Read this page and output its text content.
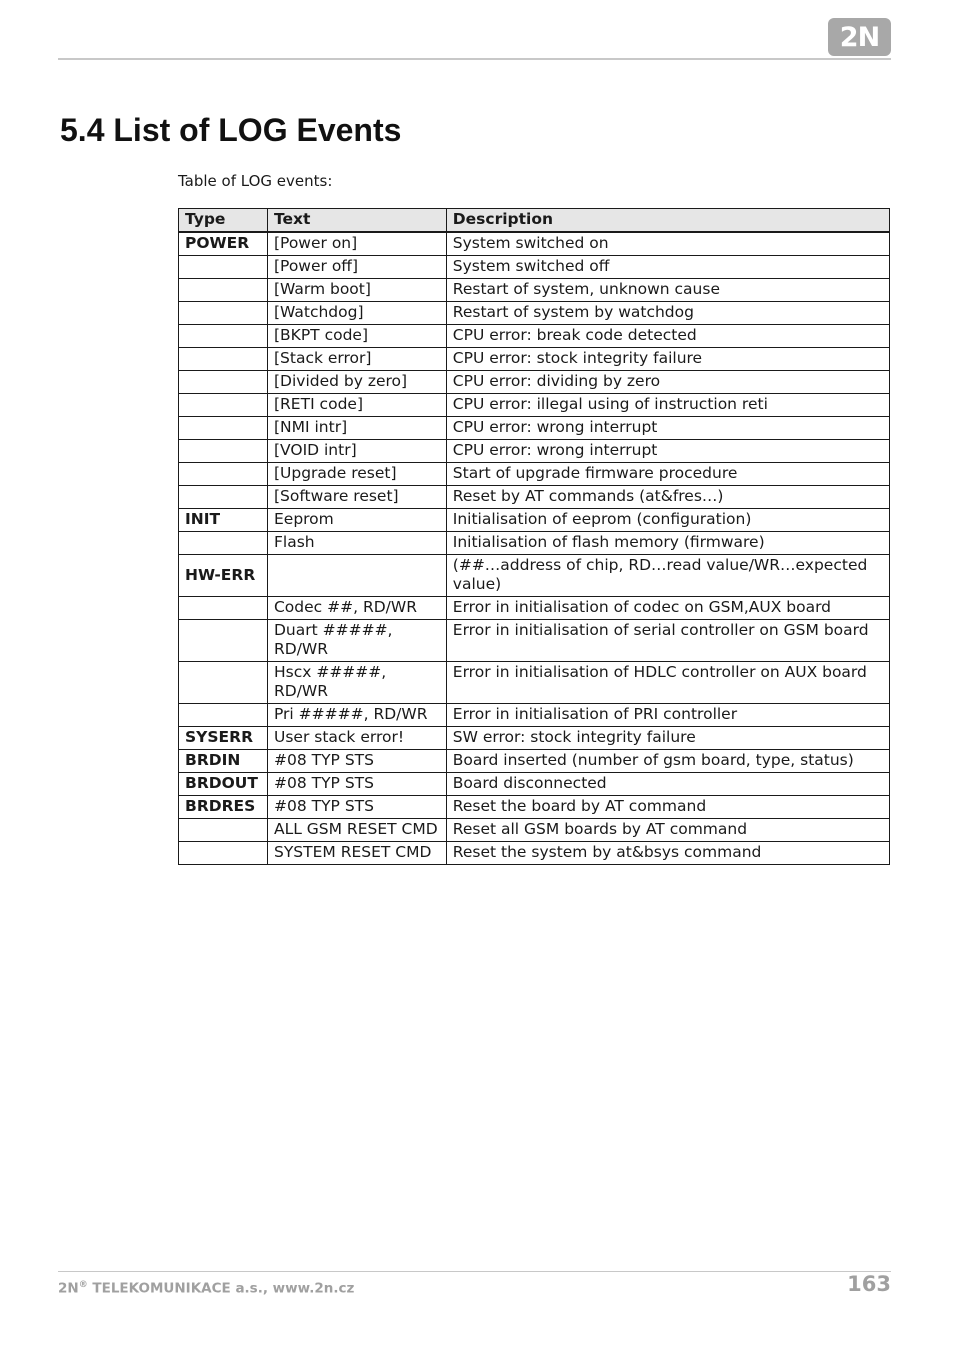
2N
5.4 List of LOG Events
Table of LOG events:
Type	Text	Description
POWER	[Power on]	System switched on
	[Power off]	System switched off
	[Warm boot]	Restart of system, unknown cause
	[Watchdog]	Restart of system by watchdog
	[BKPT code]	CPU error: break code detected
	[Stack error]	CPU error: stock integrity failure
	[Divided by zero]	CPU error: dividing by zero
	[RETI code]	CPU error: illegal using of instruction reti
	[NMI intr]	CPU error: wrong interrupt
	[VOID intr]	CPU error: wrong interrupt
	[Upgrade reset]	Start of upgrade firmware procedure
	[Software reset]	Reset by AT commands (at&fres…)
INIT	Eeprom	Initialisation of eeprom (configuration)
	Flash	Initialisation of flash memory (firmware)
HW-ERR		(##…address of chip, RD…read value/WR…expected value)
	Codec ##, RD/WR	Error in initialisation of codec on GSM,AUX board
	Duart #####, RD/WR	Error in initialisation of serial controller on GSM board
	Hscx #####, RD/WR	Error in initialisation of HDLC controller on AUX board
	Pri #####, RD/WR	Error in initialisation of PRI controller
SYSERR	User stack error!	SW error: stock integrity failure
BRDIN	#08 TYP STS	Board inserted (number of gsm board, type, status)
BRDOUT	#08 TYP STS	Board disconnected
BRDRES	#08 TYP STS	Reset the board by AT command
	ALL GSM RESET CMD	Reset all GSM boards by AT command
	SYSTEM RESET CMD	Reset the system by at&bsys command
2N® TELEKOMUNIKACE a.s., www.2n.cz	163
